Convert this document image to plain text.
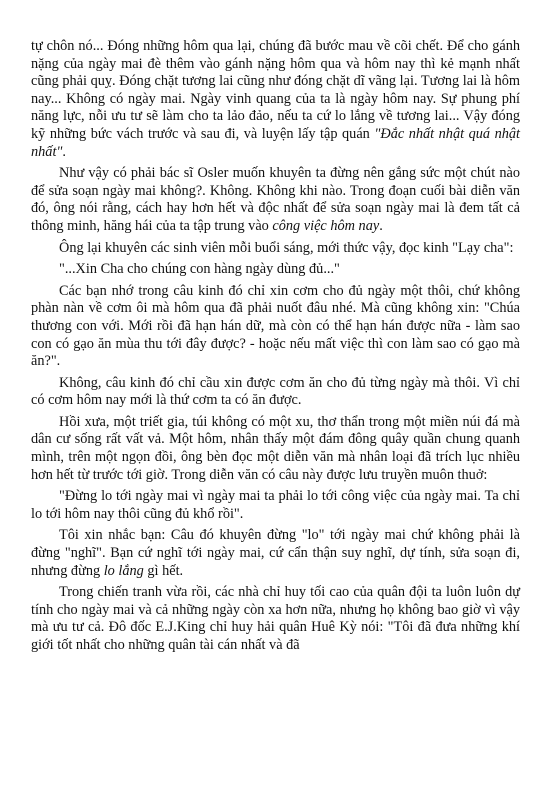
tự chôn nó... Đóng những hôm qua lại, chúng đã bước mau về cõi chết. Để cho gánh nặng của ngày mai đè thêm vào gánh nặng hôm qua và hôm nay thì kẻ mạnh nhất cũng phải quỵ. Đóng chặt tương lai cũng như đóng chặt dĩ vãng lại. Tương lai là hôm nay... Không có ngày mai. Ngày vinh quang của ta là ngày hôm nay. Sự phung phí năng lực, nỗi ưu tư sẽ làm cho ta lảo đảo, nếu ta cứ lo lắng về tương lai... Vậy đóng kỹ những bức vách trước và sau đi, và luyện lấy tập quán "Đắc nhất nhật quá nhật nhất".

Như vậy có phải bác sĩ Osler muốn khuyên ta đừng nên gắng sức một chút nào để sửa soạn ngày mai không?. Không. Không khi nào. Trong đoạn cuối bài diễn văn đó, ông nói rằng, cách hay hơn hết và độc nhất để sửa soạn ngày mai là đem tất cả thông minh, hăng hái của ta tập trung vào công việc hôm nay.

Ông lại khuyên các sinh viên mỗi buổi sáng, mới thức vậy, đọc kinh "Lạy cha":

"...Xin Cha cho chúng con hàng ngày dùng đủ..."

Các bạn nhớ trong câu kinh đó chỉ xin cơm cho đủ ngày một thôi, chứ không phàn nàn về cơm ôi mà hôm qua đã phải nuốt đâu nhé. Mà cũng không xin: "Chúa thương con với. Mới rồi đã hạn hán dữ, mà còn có thể hạn hán được nữa - làm sao con có gạo ăn mùa thu tới đây được? - hoặc nếu mất việc thì con làm sao có gạo mà ăn?".

Không, câu kinh đó chỉ cầu xin được cơm ăn cho đủ từng ngày mà thôi. Vì chỉ có cơm hôm nay mới là thứ cơm ta có ăn được.

Hồi xưa, một triết gia, túi không có một xu, thơ thẩn trong một miền núi đá mà dân cư sống rất vất vả. Một hôm, nhân thấy một đám đông quây quần chung quanh mình, trên một ngọn đồi, ông bèn đọc một diễn văn mà nhân loại đã trích lục nhiều hơn hết từ trước tới giờ. Trong diễn văn có câu này được lưu truyền muôn thuở:

"Đừng lo tới ngày mai vì ngày mai ta phải lo tới công việc của ngày mai. Ta chỉ lo tới hôm nay thôi cũng đủ khổ rồi".

Tôi xin nhắc bạn: Câu đó khuyên đừng "lo" tới ngày mai chứ không phải là đừng "nghĩ". Bạn cứ nghĩ tới ngày mai, cứ cẩn thận suy nghĩ, dự tính, sửa soạn đi, nhưng đừng lo lắng gì hết.

Trong chiến tranh vừa rồi, các nhà chỉ huy tối cao của quân đội ta luôn luôn dự tính cho ngày mai và cả những ngày còn xa hơn nữa, nhưng họ không bao giờ vì vậy mà ưu tư cả. Đô đốc E.J.King chỉ huy hải quân Huê Kỳ nói: "Tôi đã đưa những khí giới tốt nhất cho những quân tài cán nhất và đã
